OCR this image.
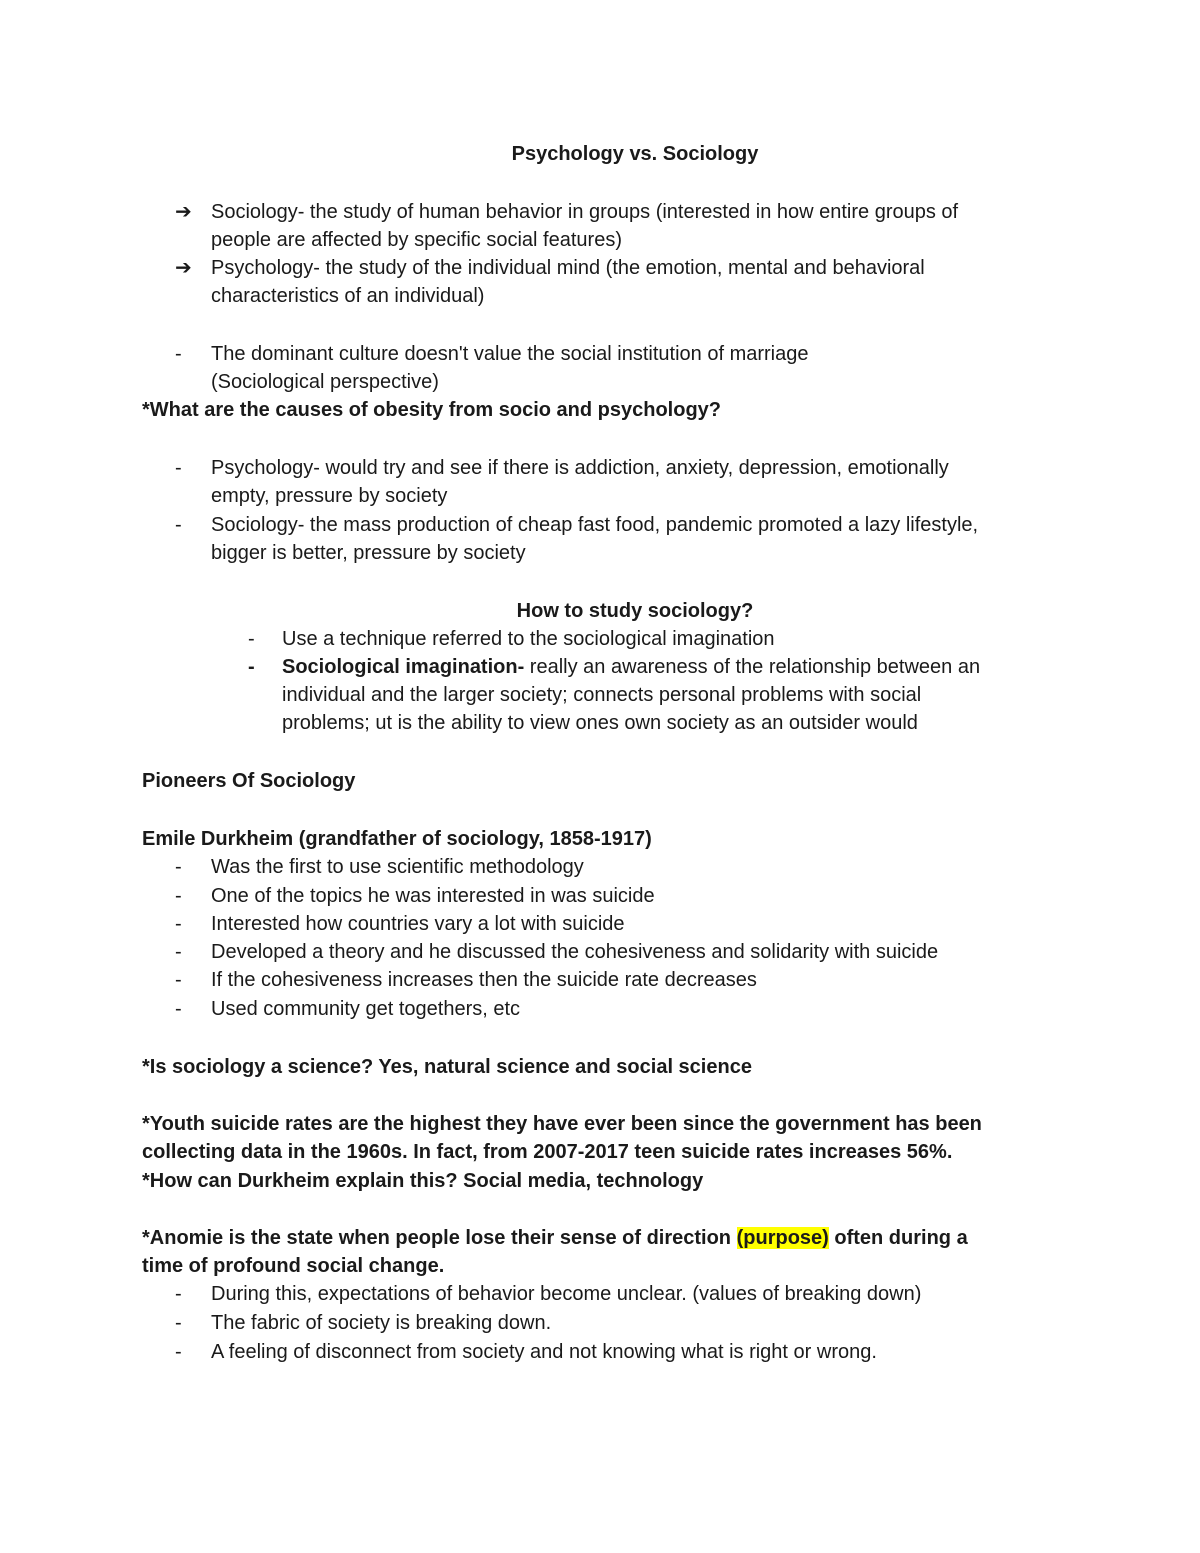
Psychology vs. Sociology
➔ Sociology- the study of human behavior in groups (interested in how entire groups of
people are affected by specific social features)
➔ Psychology- the study of the individual mind (the emotion, mental and behavioral
characteristics of an individual)
- The dominant culture doesn't value the social institution of marriage
(Sociological perspective)
*What are the causes of obesity from socio and psychology?
- Psychology- would try and see if there is addiction, anxiety, depression, emotionally
empty, pressure by society
- Sociology- the mass production of cheap fast food, pandemic promoted a lazy lifestyle,
bigger is better, pressure by society
How to study sociology?
- Use a technique referred to the sociological imagination
- Sociological imagination- really an awareness of the relationship between an
individual and the larger society; connects personal problems with social
problems; ut is the ability to view ones own society as an outsider would
Pioneers Of Sociology
Emile Durkheim (grandfather of sociology, 1858-1917)
- Was the first to use scientific methodology
- One of the topics he was interested in was suicide
- Interested how countries vary a lot with suicide
- Developed a theory and he discussed the cohesiveness and solidarity with suicide
- If the cohesiveness increases then the suicide rate decreases
- Used community get togethers, etc
*Is sociology a science? Yes, natural science and social science
*Youth suicide rates are the highest they have ever been since the government has been
collecting data in the 1960s. In fact, from 2007-2017 teen suicide rates increases 56%.
*How can Durkheim explain this? Social media, technology
*Anomie is the state when people lose their sense of direction (purpose) often during a
time of profound social change.
- During this, expectations of behavior become unclear. (values of breaking down)
- The fabric of society is breaking down.
- A feeling of disconnect from society and not knowing what is right or wrong.
